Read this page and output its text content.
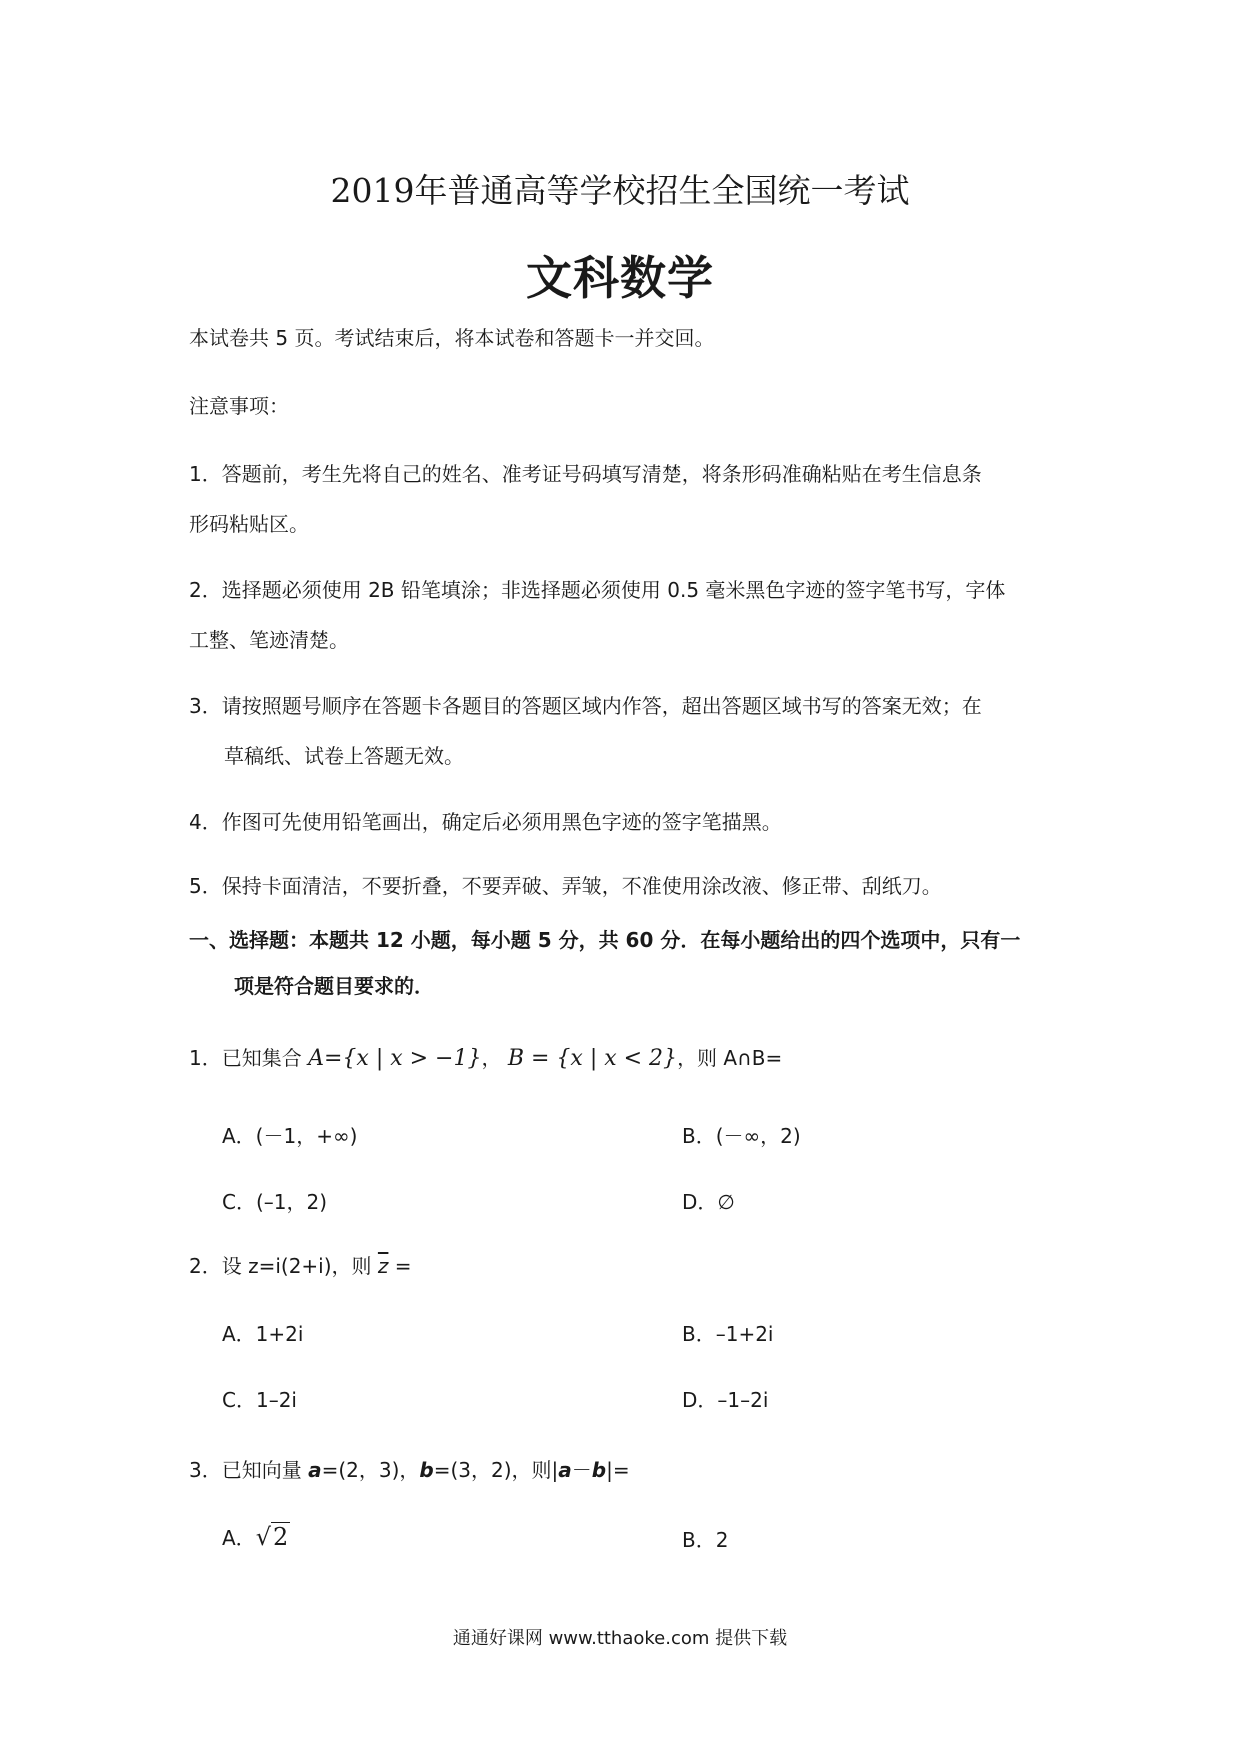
2019年普通高等学校招生全国统一考试
文科数学
本试卷共 5 页。考试结束后，将本试卷和答题卡一并交回。
注意事项：
1．答题前，考生先将自己的姓名、准考证号码填写清楚，将条形码准确粘贴在考生信息条
形码粘贴区。
2．选择题必须使用 2B 铅笔填涂；非选择题必须使用 0.5 毫米黑色字迹的签字笔书写，字体
工整、笔迹清楚。
3．请按照题号顺序在答题卡各题目的答题区域内作答，超出答题区域书写的答案无效；在
草稿纸、试卷上答题无效。
4．作图可先使用铅笔画出，确定后必须用黑色字迹的签字笔描黑。
5．保持卡面清洁，不要折叠，不要弄破、弄皱，不准使用涂改液、修正带、刮纸刀。
一、选择题：本题共 12 小题，每小题 5 分，共 60 分．在每小题给出的四个选项中，只有一
项是符合题目要求的．
1．已知集合 A={x | x > −1}， B = {x | x < 2}，则 A∩B=
A．(－1，+∞)	B．(－∞，2)
C．(–1，2)	D．∅
2．设 z=i(2+i)，则 $\overline{z}$ =
A．1+2i	B．–1+2i
C．1–2i	D．–1–2i
3．已知向量 a=(2，3)，b=(3，2)，则|a－b|=
A．√2	B．2
通通好课网 www.tthaoke.com 提供下载
